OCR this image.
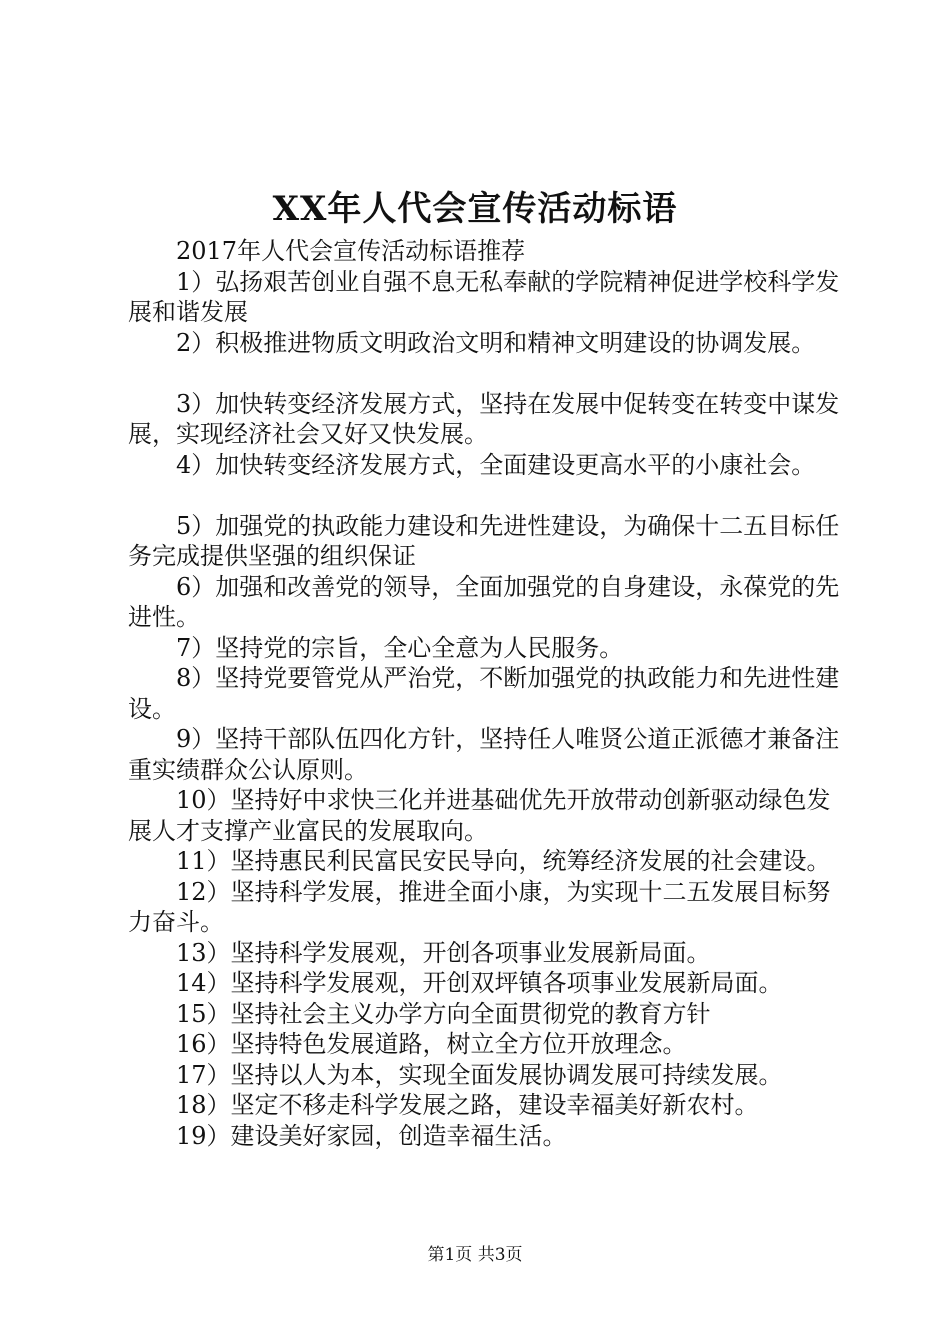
XX年人代会宣传活动标语

2017年人代会宣传活动标语推荐

1）弘扬艰苦创业自强不息无私奉献的学院精神促进学校科学发展和谐发展

2）积极推进物质文明政治文明和精神文明建设的协调发展。

3）加快转变经济发展方式，坚持在发展中促转变在转变中谋发展，实现经济社会又好又快发展。

4）加快转变经济发展方式，全面建设更高水平的小康社会。

5）加强党的执政能力建设和先进性建设，为确保十二五目标任务完成提供坚强的组织保证

6）加强和改善党的领导，全面加强党的自身建设，永葆党的先进性。

7）坚持党的宗旨，全心全意为人民服务。

8）坚持党要管党从严治党，不断加强党的执政能力和先进性建设。

9）坚持干部队伍四化方针，坚持任人唯贤公道正派德才兼备注重实绩群众公认原则。

10）坚持好中求快三化并进基础优先开放带动创新驱动绿色发展人才支撑产业富民的发展取向。

11）坚持惠民利民富民安民导向，统筹经济发展的社会建设。

12）坚持科学发展，推进全面小康，为实现十二五发展目标努力奋斗。

13）坚持科学发展观，开创各项事业发展新局面。

14）坚持科学发展观，开创双坪镇各项事业发展新局面。

15）坚持社会主义办学方向全面贯彻党的教育方针

16）坚持特色发展道路，树立全方位开放理念。

17）坚持以人为本，实现全面发展协调发展可持续发展。

18）坚定不移走科学发展之路，建设幸福美好新农村。

19）建设美好家园，创造幸福生活。

第1页 共3页
